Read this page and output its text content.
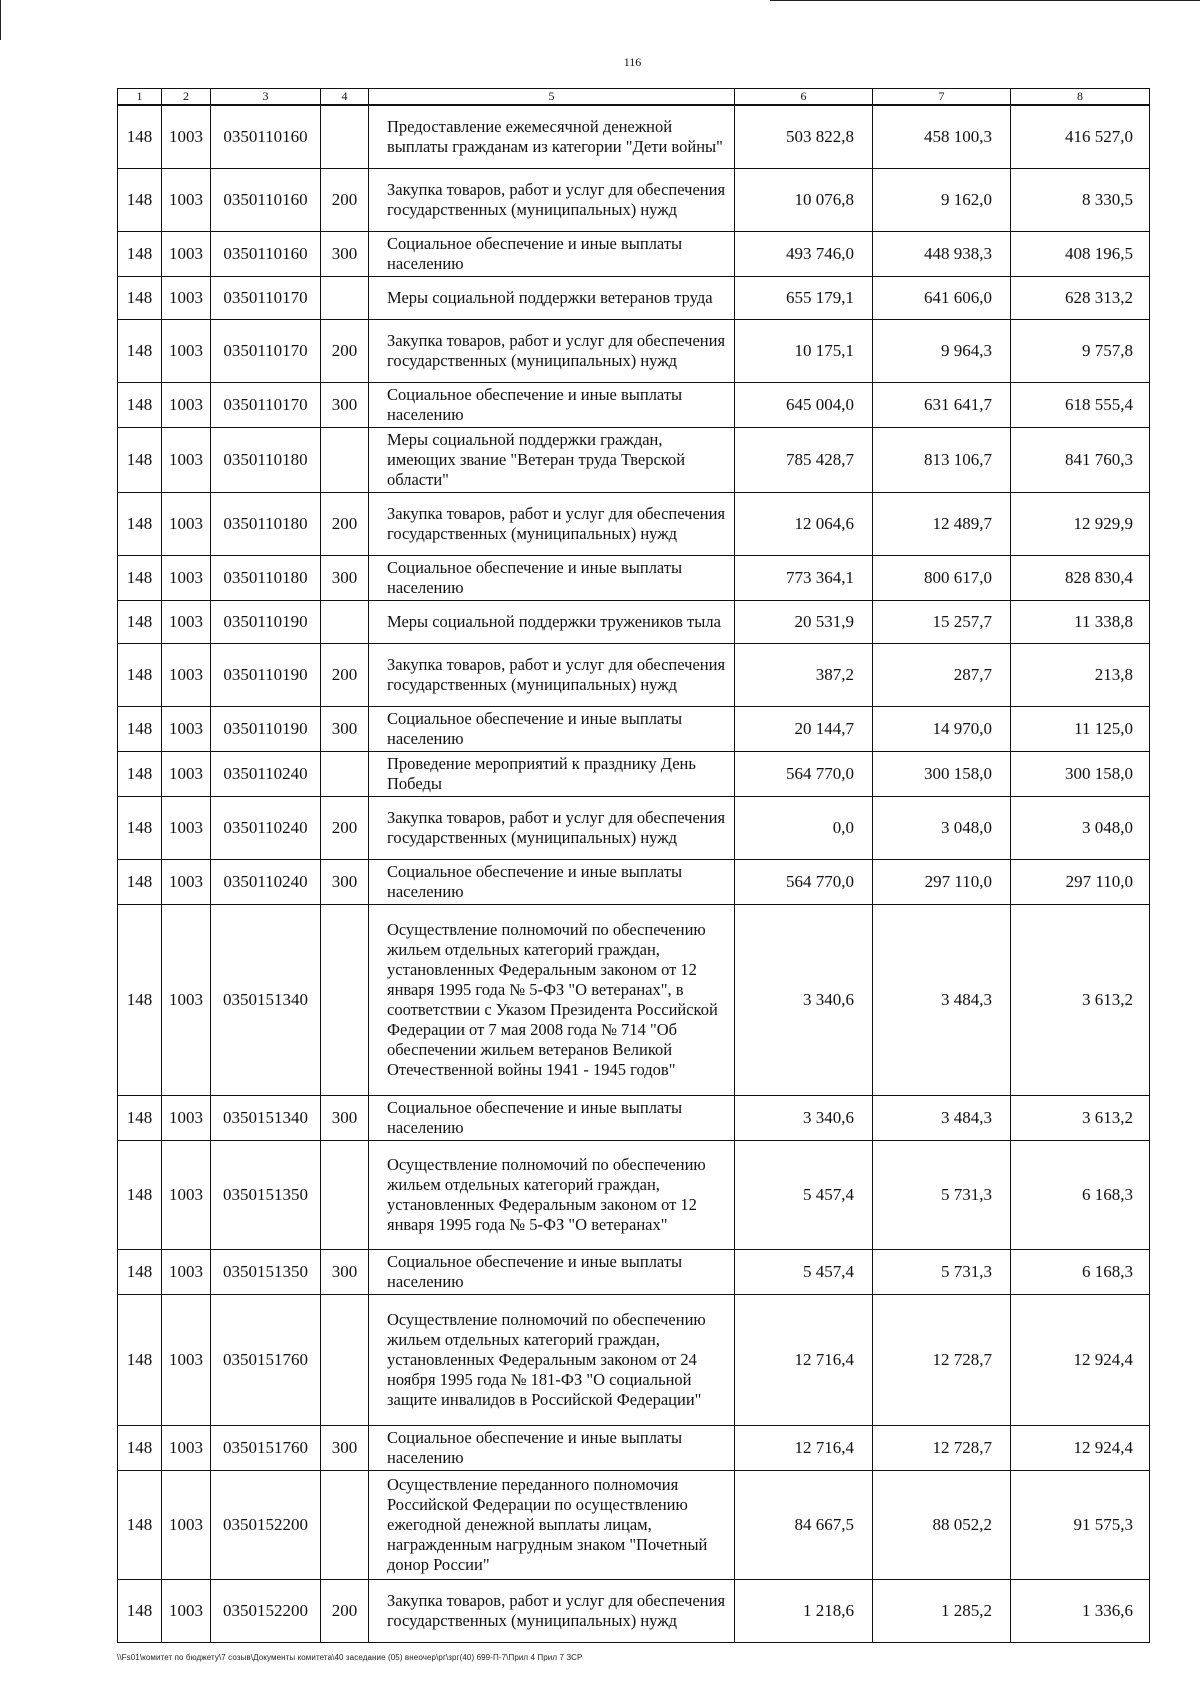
116
1	2	3	4	5	6	7	8
148	1003	0350110160		Предоставление ежемесячной денежной выплаты гражданам из категории "Дети войны"	503 822,8	458 100,3	416 527,0
148	1003	0350110160	200	Закупка товаров, работ и услуг для обеспечения государственных (муниципальных) нужд	10 076,8	9 162,0	8 330,5
148	1003	0350110160	300	Социальное обеспечение и иные выплаты населению	493 746,0	448 938,3	408 196,5
148	1003	0350110170		Меры социальной поддержки ветеранов труда	655 179,1	641 606,0	628 313,2
148	1003	0350110170	200	Закупка товаров, работ и услуг для обеспечения государственных (муниципальных) нужд	10 175,1	9 964,3	9 757,8
148	1003	0350110170	300	Социальное обеспечение и иные выплаты населению	645 004,0	631 641,7	618 555,4
148	1003	0350110180		Меры социальной поддержки граждан, имеющих звание "Ветеран труда Тверской области"	785 428,7	813 106,7	841 760,3
148	1003	0350110180	200	Закупка товаров, работ и услуг для обеспечения государственных (муниципальных) нужд	12 064,6	12 489,7	12 929,9
148	1003	0350110180	300	Социальное обеспечение и иные выплаты населению	773 364,1	800 617,0	828 830,4
148	1003	0350110190		Меры социальной поддержки тружеников тыла	20 531,9	15 257,7	11 338,8
148	1003	0350110190	200	Закупка товаров, работ и услуг для обеспечения государственных (муниципальных) нужд	387,2	287,7	213,8
148	1003	0350110190	300	Социальное обеспечение и иные выплаты населению	20 144,7	14 970,0	11 125,0
148	1003	0350110240		Проведение мероприятий к празднику День Победы	564 770,0	300 158,0	300 158,0
148	1003	0350110240	200	Закупка товаров, работ и услуг для обеспечения государственных (муниципальных) нужд	0,0	3 048,0	3 048,0
148	1003	0350110240	300	Социальное обеспечение и иные выплаты населению	564 770,0	297 110,0	297 110,0
148	1003	0350151340		Осуществление полномочий по обеспечению жильем отдельных категорий граждан, установленных Федеральным законом от 12 января 1995 года № 5-ФЗ "О ветеранах", в соответствии с Указом Президента Российской Федерации от 7 мая 2008 года № 714 "Об обеспечении жильем ветеранов Великой Отечественной войны 1941 - 1945 годов"	3 340,6	3 484,3	3 613,2
148	1003	0350151340	300	Социальное обеспечение и иные выплаты населению	3 340,6	3 484,3	3 613,2
148	1003	0350151350		Осуществление полномочий по обеспечению жильем отдельных категорий граждан, установленных Федеральным законом от 12 января 1995 года № 5-ФЗ "О ветеранах"	5 457,4	5 731,3	6 168,3
148	1003	0350151350	300	Социальное обеспечение и иные выплаты населению	5 457,4	5 731,3	6 168,3
148	1003	0350151760		Осуществление полномочий по обеспечению жильем отдельных категорий граждан, установленных Федеральным законом от 24 ноября 1995 года № 181-ФЗ "О социальной защите инвалидов в Российской Федерации"	12 716,4	12 728,7	12 924,4
148	1003	0350151760	300	Социальное обеспечение и иные выплаты населению	12 716,4	12 728,7	12 924,4
148	1003	0350152200		Осуществление переданного полномочия Российской Федерации по осуществлению ежегодной денежной выплаты лицам, награжденным нагрудным знаком "Почетный донор России"	84 667,5	88 052,2	91 575,3
148	1003	0350152200	200	Закупка товаров, работ и услуг для обеспечения государственных (муниципальных) нужд	1 218,6	1 285,2	1 336,6
\\Fs01\комитет по бюджету\7 созыв\Документы комитета\40 заседание (05) внеочер\рг\зрг(40) 699-П-7\Прил 4 Прил 7 ЗСР
